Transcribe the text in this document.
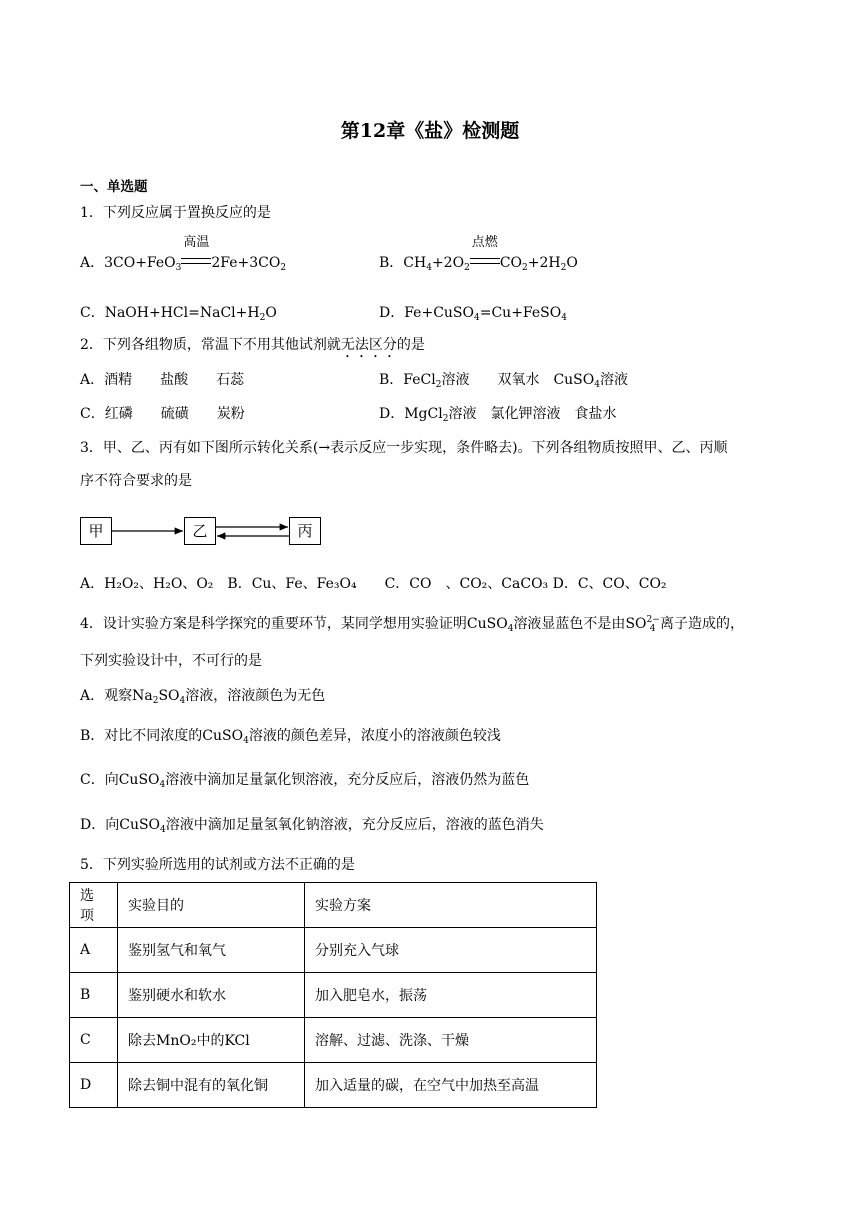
第12章《盐》检测题
一、单选题
1．下列反应属于置换反应的是
A．3CO+FeO$_3$
高温
$2Fe+3CO_2$	B．$CH_4+2O_2$
点燃
$CO_2+2H_2O$
C．$NaOH+HCl=NaCl+H_2O$	D．Fe+CuSO$_4$=Cu+FeSO$_4$
2．下列各组物质，常温下不用其他试剂就无法区分的是
A．酒精　　盐酸　　石蕊	B．FeCl$_2$溶液　　双氧水　CuSO$_4$溶液
C．红磷　　硫磺　　炭粉	D．MgCl$_2$溶液　氯化钾溶液　食盐水
3．甲、乙、丙有如下图所示转化关系(→表示反应一步实现，条件略去)。下列各组物质按照甲、乙、丙顺
序不符合要求的是
甲	乙	丙
A．H₂O₂、H₂O、O₂　B．Cu、Fe、Fe₃O₄　　C．CO　、CO₂、CaCO₃ D．C、CO、CO₂
4．设计实验方案是科学探究的重要环节，某同学想用实验证明CuSO$_4$溶液显蓝色不是由$SO^{2-}_4$ 离子造成的，
下列实验设计中，不可行的是
A．观察$Na_2SO_4$溶液，溶液颜色为无色
B．对比不同浓度的CuSO$_4$溶液的颜色差异，浓度小的溶液颜色较浅
C．向CuSO$_4$溶液中滴加足量氯化钡溶液，充分反应后，溶液仍然为蓝色
D．向CuSO$_4$溶液中滴加足量氢氧化钠溶液，充分反应后，溶液的蓝色消失
5．下列实验所选用的试剂或方法不正确的是
选项	实验目的	实验方案
A	鉴别氢气和氧气	分别充入气球
B	鉴别硬水和软水	加入肥皂水，振荡
C	除去MnO₂中的KCl	溶解、过滤、洗涤、干燥
D	除去铜中混有的氧化铜	加入适量的碳，在空气中加热至高温
